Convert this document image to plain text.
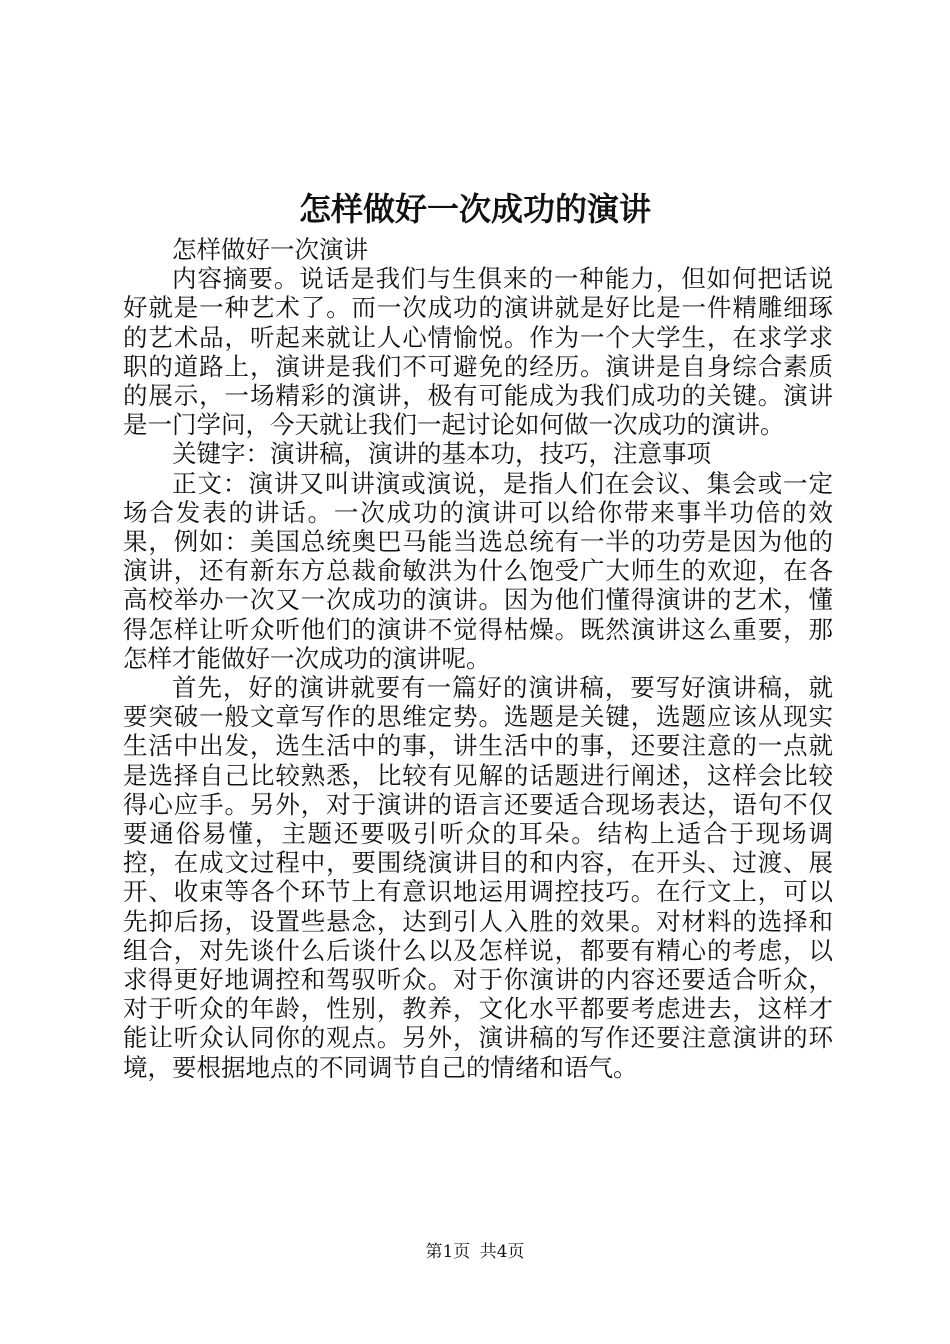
怎样做好一次成功的演讲

怎样做好一次演讲

内容摘要。说话是我们与生俱来的一种能力，但如何把话说好就是一种艺术了。而一次成功的演讲就是好比是一件精雕细琢的艺术品，听起来就让人心情愉悦。作为一个大学生，在求学求职的道路上，演讲是我们不可避免的经历。演讲是自身综合素质的展示，一场精彩的演讲，极有可能成为我们成功的关键。演讲是一门学问，今天就让我们一起讨论如何做一次成功的演讲。

关键字：演讲稿，演讲的基本功，技巧，注意事项

正文：演讲又叫讲演或演说，是指人们在会议、集会或一定场合发表的讲话。一次成功的演讲可以给你带来事半功倍的效果，例如：美国总统奥巴马能当选总统有一半的功劳是因为他的演讲，还有新东方总裁俞敏洪为什么饱受广大师生的欢迎，在各高校举办一次又一次成功的演讲。因为他们懂得演讲的艺术，懂得怎样让听众听他们的演讲不觉得枯燥。既然演讲这么重要，那怎样才能做好一次成功的演讲呢。

首先，好的演讲就要有一篇好的演讲稿，要写好演讲稿，就要突破一般文章写作的思维定势。选题是关键，选题应该从现实生活中出发，选生活中的事，讲生活中的事，还要注意的一点就是选择自己比较熟悉，比较有见解的话题进行阐述，这样会比较得心应手。另外，对于演讲的语言还要适合现场表达，语句不仅要通俗易懂，主题还要吸引听众的耳朵。结构上适合于现场调控，在成文过程中，要围绕演讲目的和内容，在开头、过渡、展开、收束等各个环节上有意识地运用调控技巧。在行文上，可以先抑后扬，设置些悬念，达到引人入胜的效果。对材料的选择和组合，对先谈什么后谈什么以及怎样说，都要有精心的考虑，以求得更好地调控和驾驭听众。对于你演讲的内容还要适合听众，对于听众的年龄，性别，教养，文化水平都要考虑进去，这样才能让听众认同你的观点。另外，演讲稿的写作还要注意演讲的环境，要根据地点的不同调节自己的情绪和语气。

第1页 共4页
